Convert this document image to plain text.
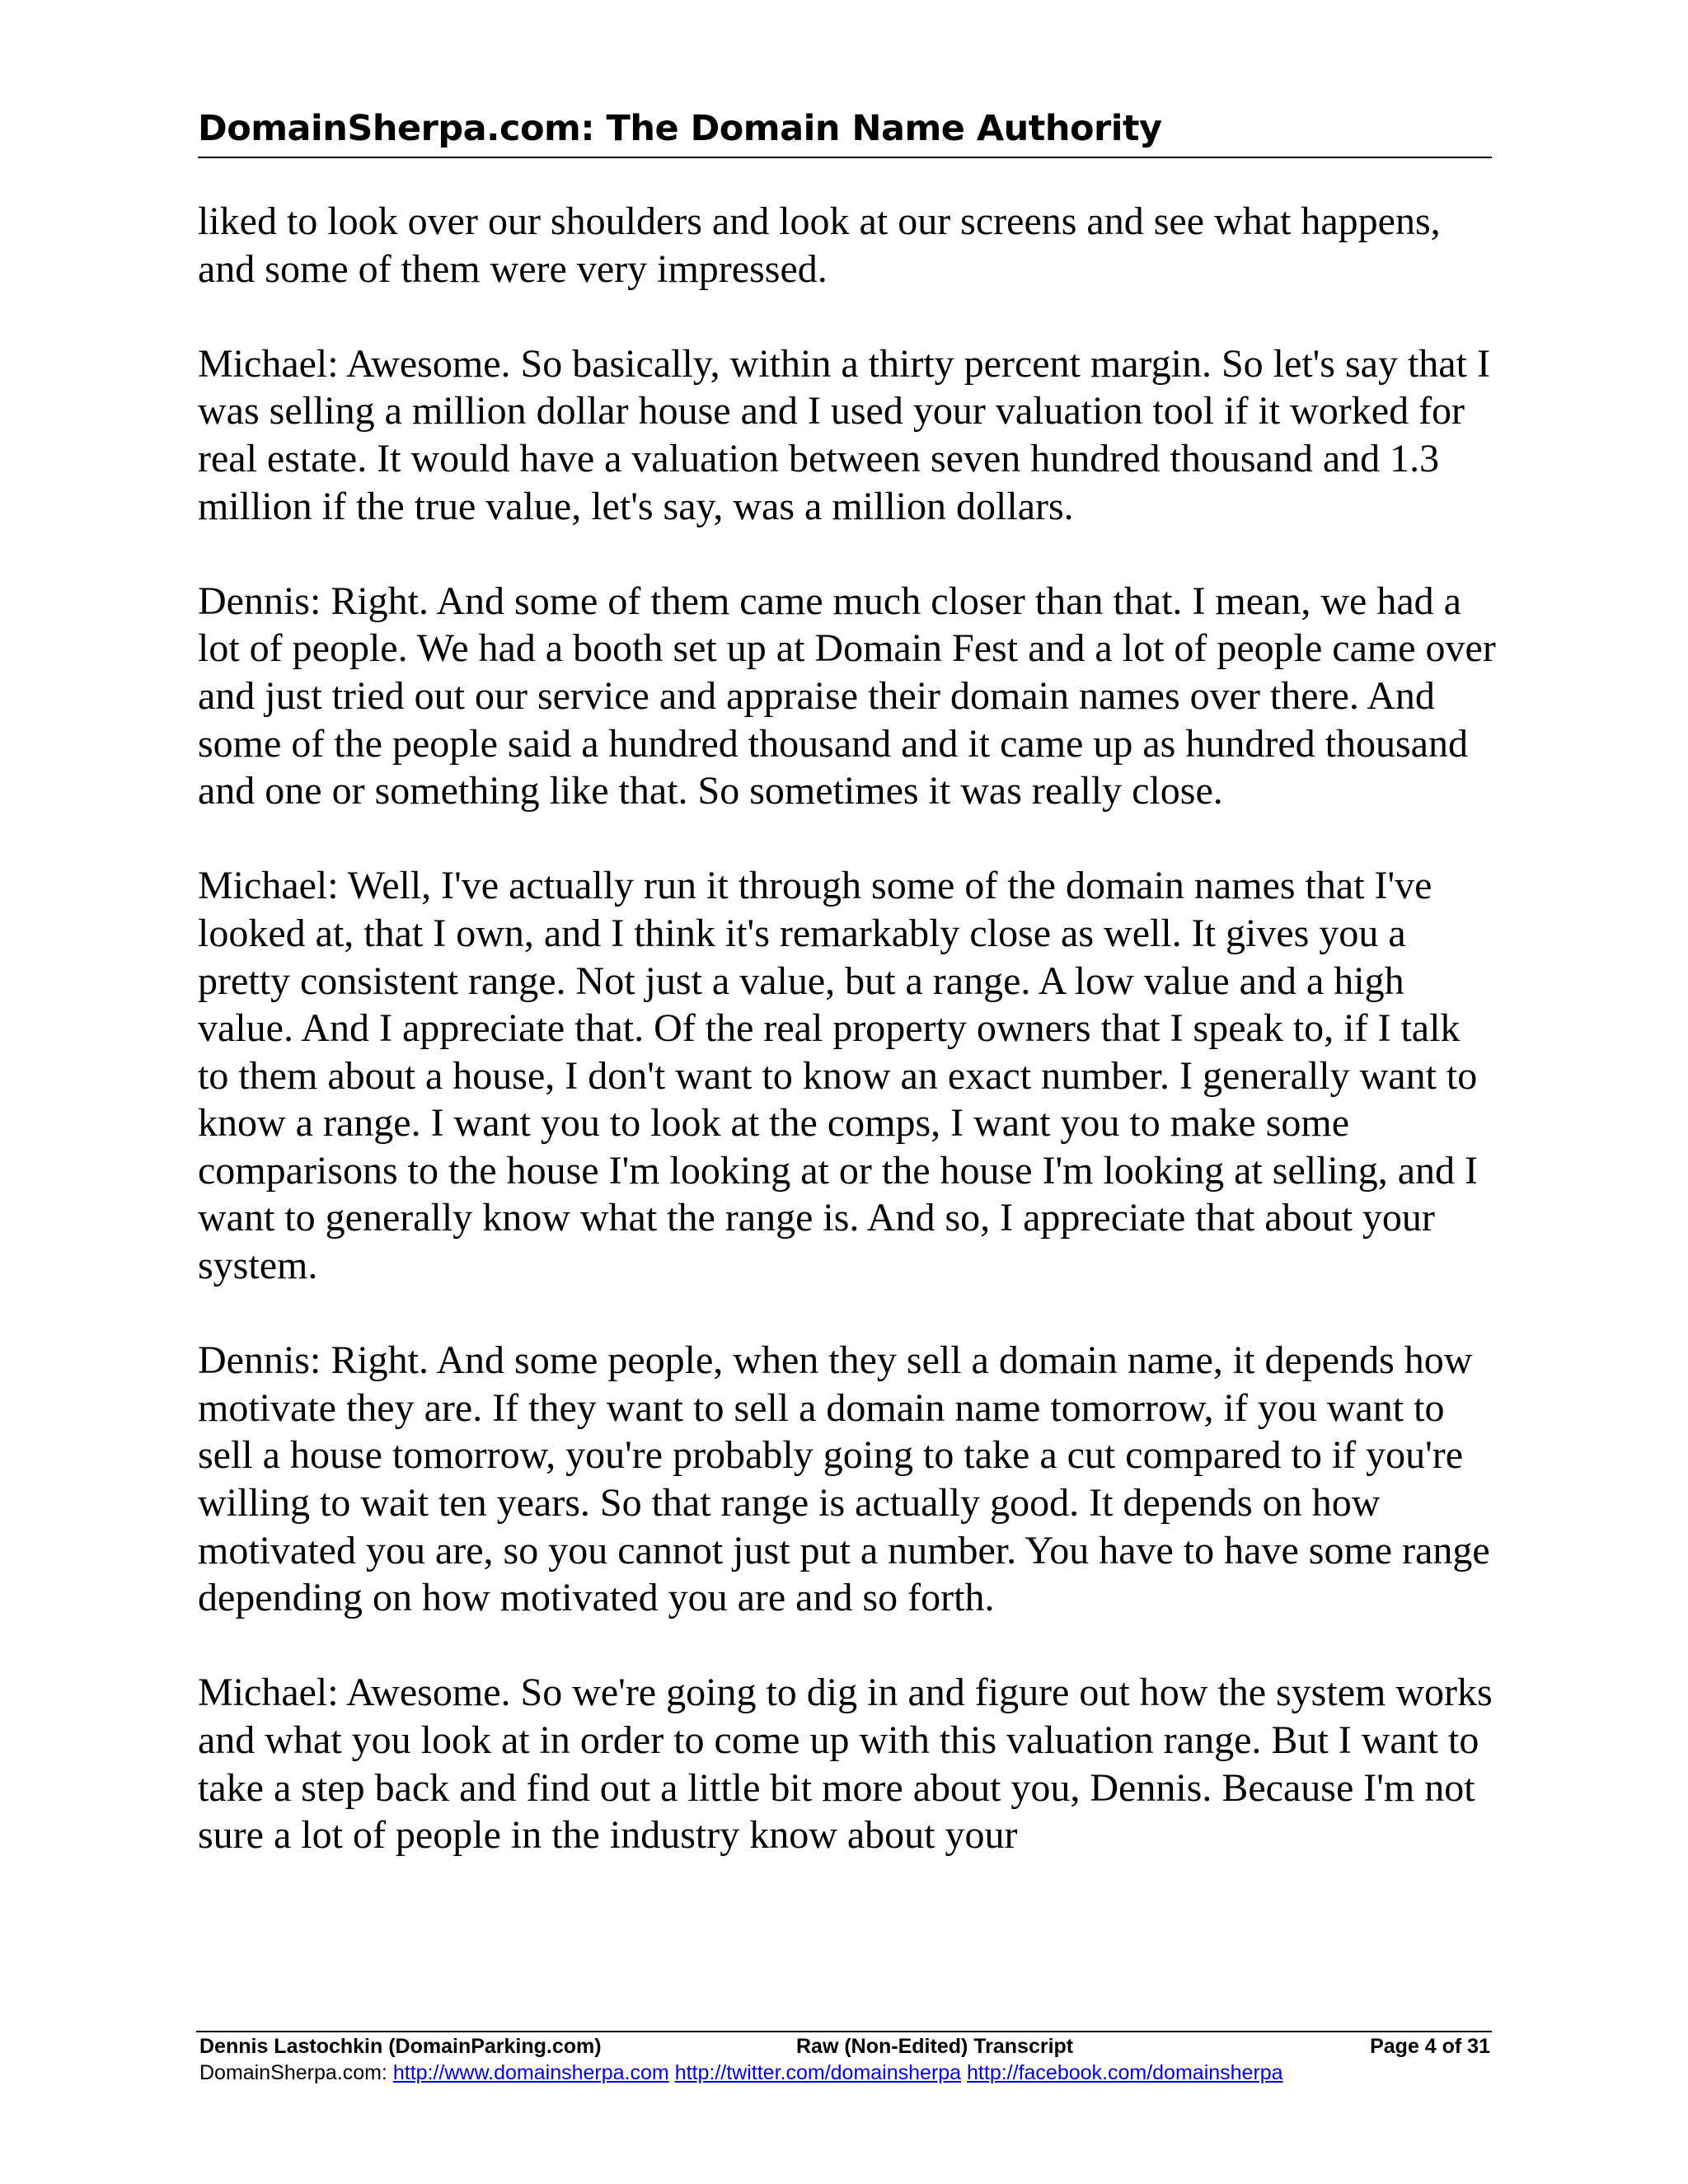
DomainSherpa.com: The Domain Name Authority

liked to look over our shoulders and look at our screens and see what happens, and some of them were very impressed.

Michael: Awesome. So basically, within a thirty percent margin. So let's say that I was selling a million dollar house and I used your valuation tool if it worked for real estate. It would have a valuation between seven hundred thousand and 1.3 million if the true value, let's say, was a million dollars.

Dennis: Right. And some of them came much closer than that. I mean, we had a lot of people. We had a booth set up at Domain Fest and a lot of people came over and just tried out our service and appraise their domain names over there. And some of the people said a hundred thousand and it came up as hundred thousand and one or something like that. So sometimes it was really close.

Michael: Well, I've actually run it through some of the domain names that I've looked at, that I own, and I think it's remarkably close as well. It gives you a pretty consistent range. Not just a value, but a range. A low value and a high value. And I appreciate that. Of the real property owners that I speak to, if I talk to them about a house, I don't want to know an exact number. I generally want to know a range. I want you to look at the comps, I want you to make some comparisons to the house I'm looking at or the house I'm looking at selling, and I want to generally know what the range is. And so, I appreciate that about your system.

Dennis: Right. And some people, when they sell a domain name, it depends how motivate they are. If they want to sell a domain name tomorrow, if you want to sell a house tomorrow, you're probably going to take a cut compared to if you're willing to wait ten years. So that range is actually good. It depends on how motivated you are, so you cannot just put a number. You have to have some range depending on how motivated you are and so forth.

Michael: Awesome. So we're going to dig in and figure out how the system works and what you look at in order to come up with this valuation range. But I want to take a step back and find out a little bit more about you, Dennis. Because I'm not sure a lot of people in the industry know about your

Dennis Lastochkin (DomainParking.com)	Raw (Non-Edited) Transcript	Page 4 of 31
DomainSherpa.com: http://www.domainsherpa.com http://twitter.com/domainsherpa http://facebook.com/domainsherpa
